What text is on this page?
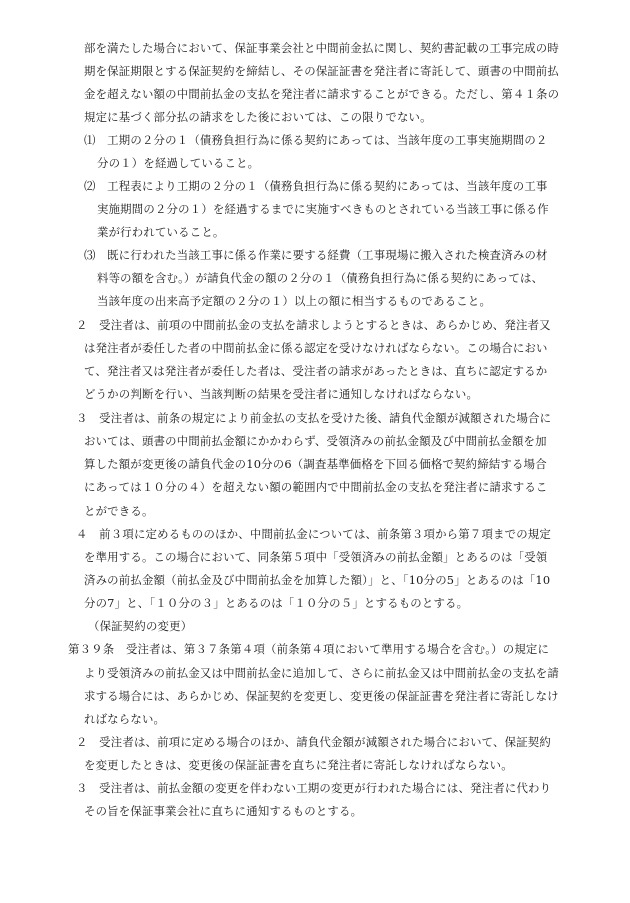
部を満たした場合において、保証事業会社と中間前金払に関し、契約書記載の工事完成の時
期を保証期限とする保証契約を締結し、その保証証書を発注者に寄託して、頭書の中間前払
金を超えない額の中間前払金の支払を発注者に請求することができる。ただし、第４１条の
規定に基づく部分払の請求をした後においては、この限りでない。
⑴　工期の２分の１（債務負担行為に係る契約にあっては、当該年度の工事実施期間の２
分の１）を経過していること。
⑵　工程表により工期の２分の１（債務負担行為に係る契約にあっては、当該年度の工事
実施期間の２分の１）を経過するまでに実施すべきものとされている当該工事に係る作
業が行われていること。
⑶　既に行われた当該工事に係る作業に要する経費（工事現場に搬入された検査済みの材
料等の額を含む。）が請負代金の額の２分の１（債務負担行為に係る契約にあっては、
当該年度の出来高予定額の２分の１）以上の額に相当するものであること。
２　受注者は、前項の中間前払金の支払を請求しようとするときは、あらかじめ、発注者又
は発注者が委任した者の中間前払金に係る認定を受けなければならない。この場合におい
て、発注者又は発注者が委任した者は、受注者の請求があったときは、直ちに認定するか
どうかの判断を行い、当該判断の結果を受注者に通知しなければならない。
３　受注者は、前条の規定により前金払の支払を受けた後、請負代金額が減額された場合に
おいては、頭書の中間前払金額にかかわらず、受領済みの前払金額及び中間前払金額を加
算した額が変更後の請負代金の10分の6（調査基準価格を下回る価格で契約締結する場合
にあっては１０分の４）を超えない額の範囲内で中間前払金の支払を発注者に請求するこ
とができる。
４　前３項に定めるもののほか、中間前払金については、前条第３項から第７項までの規定
を準用する。この場合において、同条第５項中「受領済みの前払金額」とあるのは「受領
済みの前払金額（前払金及び中間前払金を加算した額）」と、「10分の5」とあるのは「10
分の7」と、「１０分の３」とあるのは「１０分の５」とするものとする。
（保証契約の変更）
第３９条　受注者は、第３７条第４項（前条第４項において準用する場合を含む。）の規定に
より受領済みの前払金又は中間前払金に追加して、さらに前払金又は中間前払金の支払を請
求する場合には、あらかじめ、保証契約を変更し、変更後の保証証書を発注者に寄託しなけ
ればならない。
２　受注者は、前項に定める場合のほか、請負代金額が減額された場合において、保証契約
を変更したときは、変更後の保証証書を直ちに発注者に寄託しなければならない。
３　受注者は、前払金額の変更を伴わない工期の変更が行われた場合には、発注者に代わり
その旨を保証事業会社に直ちに通知するものとする。
